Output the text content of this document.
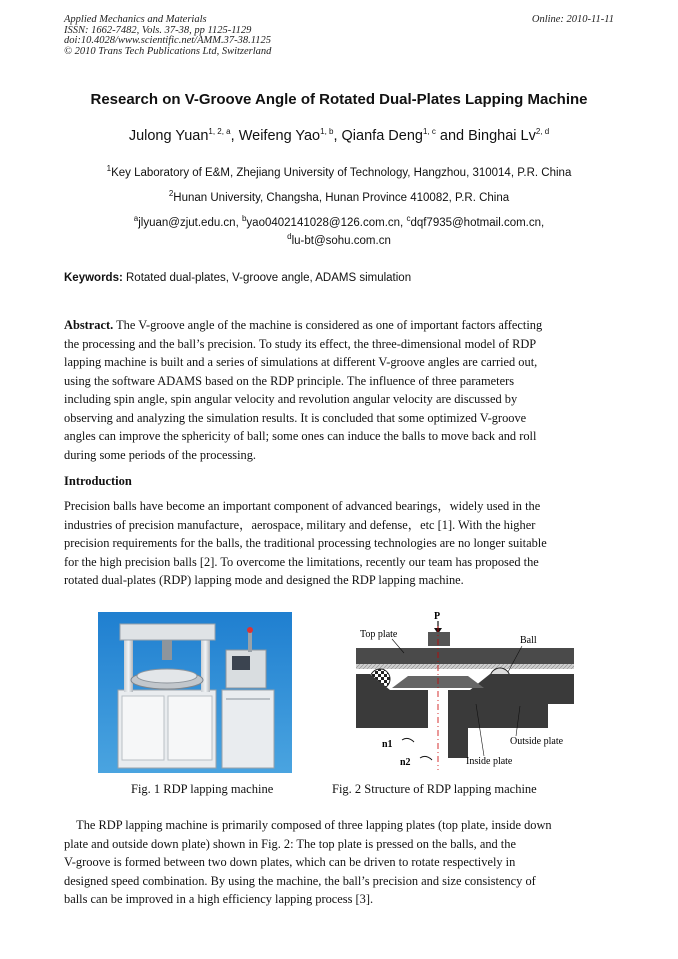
Applied Mechanics and Materials
ISSN: 1662-7482, Vols. 37-38, pp 1125-1129
doi:10.4028/www.scientific.net/AMM.37-38.1125
© 2010 Trans Tech Publications Ltd, Switzerland
Online: 2010-11-11
Research on V-Groove Angle of Rotated Dual-Plates Lapping Machine
Julong Yuan$^{1, 2, a}$, Weifeng Yao$^{1, b}$, Qianfa Deng$^{1, c}$ and Binghai Lv$^{2, d}$
$^1$Key Laboratory of E&M, Zhejiang University of Technology, Hangzhou, 310014, P.R. China
$^2$Hunan University, Changsha, Hunan Province 410082, P.R. China
$^a$jlyuan@zjut.edu.cn, $^b$yao0402141028@126.com.cn, $^c$dqf7935@hotmail.com.cn,
$^d$lu-bt@sohu.com.cn
Keywords: Rotated dual-plates, V-groove angle, ADAMS simulation
Abstract. The V-groove angle of the machine is considered as one of important factors affecting
the processing and the ball’s precision. To study its effect, the three-dimensional model of RDP
lapping machine is built and a series of simulations at different V-groove angles are carried out,
using the software ADAMS based on the RDP principle. The influence of three parameters
including spin angle, spin angular velocity and revolution angular velocity are discussed by
observing and analyzing the simulation results. It is concluded that some optimized V-groove
angles can improve the sphericity of ball; some ones can induce the balls to move back and roll
during some periods of the processing.
Introduction
Precision balls have become an important component of advanced bearings，widely used in the
industries of precision manufacture，aerospace, military and defense，etc [1]. With the higher
precision requirements for the balls, the traditional processing technologies are no longer suitable
for the high precision balls [2]. To overcome the limitations, recently our team has proposed the
rotated dual-plates (RDP) lapping mode and designed the RDP lapping machine.
P
Top plate
Ball
Outside plate
Inside plate
n1
n2
Fig. 1 RDP lapping machine	Fig. 2 Structure of RDP lapping machine
The RDP lapping machine is primarily composed of three lapping plates (top plate, inside down
plate and outside down plate) shown in Fig. 2: The top plate is pressed on the balls, and the
V-groove is formed between two down plates, which can be driven to rotate respectively in
designed speed combination. By using the machine, the ball’s precision and size consistency of
balls can be improved in a high efficiency lapping process [3].
